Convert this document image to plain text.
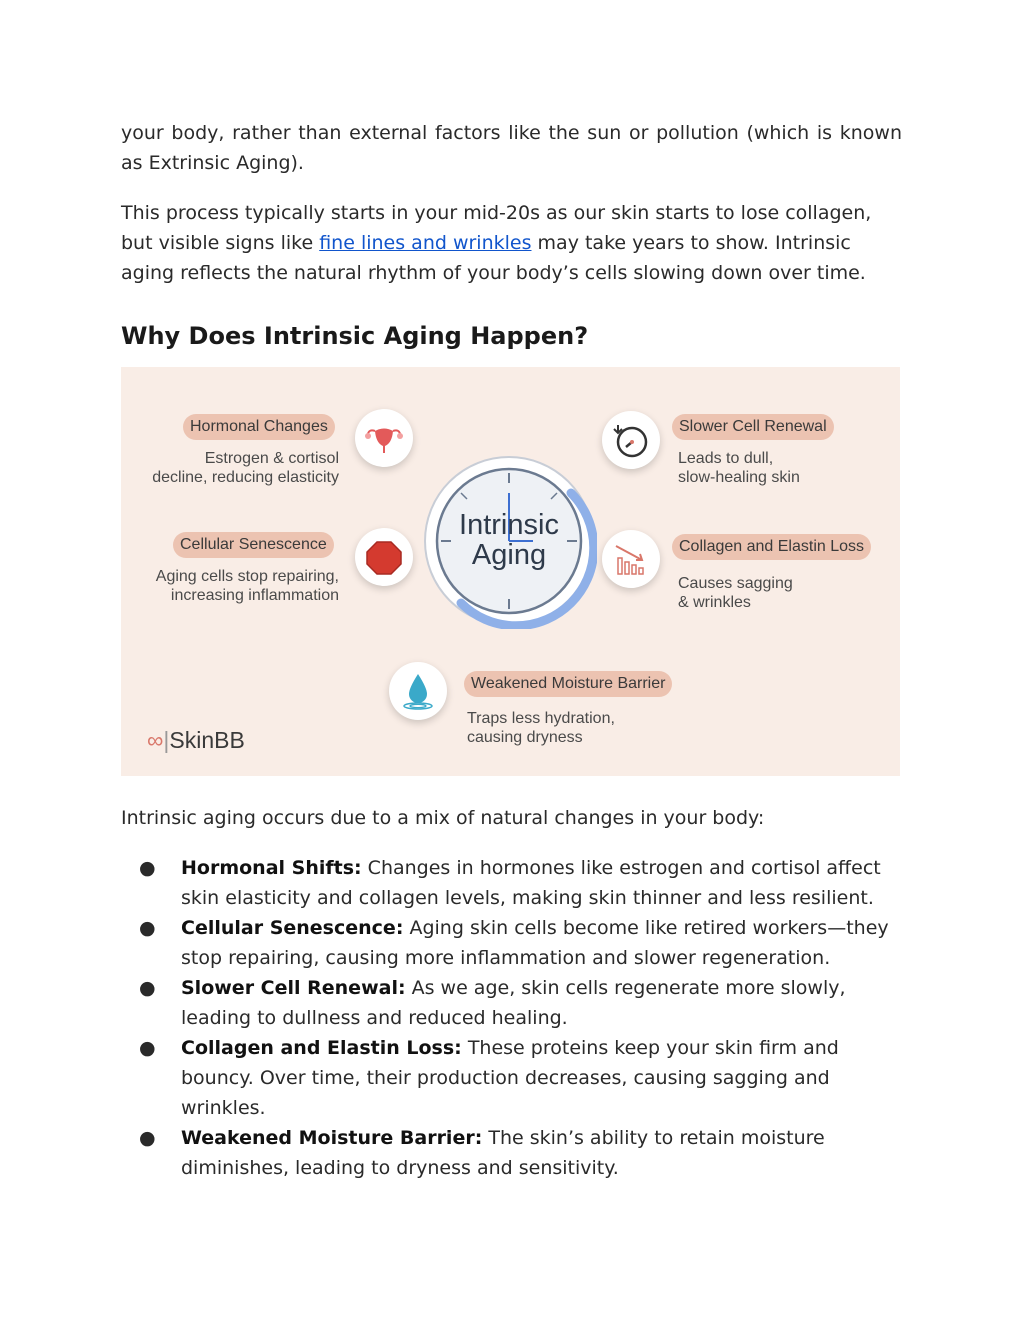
your body, rather than external factors like the sun or pollution (which is known as Extrinsic Aging).

This process typically starts in your mid-20s as our skin starts to lose collagen, but visible signs like fine lines and wrinkles may take years to show. Intrinsic aging reflects the natural rhythm of your body’s cells slowing down over time.

Why Does Intrinsic Aging Happen?
Intrinsic
Aging
Hormonal Changes
Estrogen & cortisol
decline, reducing elasticity
Cellular Senescence
Aging cells stop repairing,
increasing inflammation
Slower Cell Renewal
Leads to dull,
slow-healing skin
Collagen and Elastin Loss
Causes sagging
& wrinkles
Weakened Moisture Barrier
Traps less hydration,
causing dryness
∞|SkinBB

Intrinsic aging occurs due to a mix of natural changes in your body:

● Hormonal Shifts: Changes in hormones like estrogen and cortisol affect skin elasticity and collagen levels, making skin thinner and less resilient.
● Cellular Senescence: Aging skin cells become like retired workers—they stop repairing, causing more inflammation and slower regeneration.
● Slower Cell Renewal: As we age, skin cells regenerate more slowly, leading to dullness and reduced healing.
● Collagen and Elastin Loss: These proteins keep your skin firm and bouncy. Over time, their production decreases, causing sagging and wrinkles.
● Weakened Moisture Barrier: The skin’s ability to retain moisture diminishes, leading to dryness and sensitivity.
